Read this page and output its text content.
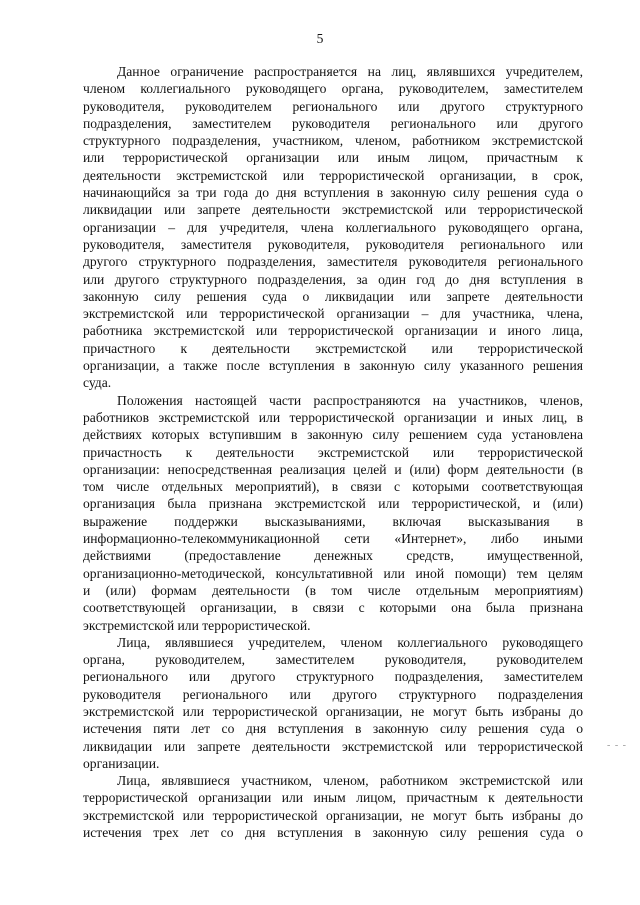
5
Данное ограничение распространяется на лиц, являвшихся учредителем,
членом коллегиального руководящего органа, руководителем, заместителем
руководителя, руководителем регионального или другого структурного
подразделения, заместителем руководителя регионального или другого
структурного подразделения, участником, членом, работником экстремистской
или террористической организации или иным лицом, причастным к
деятельности экстремистской или террористической организации, в срок,
начинающийся за три года до дня вступления в законную силу решения суда о
ликвидации или запрете деятельности экстремистской или террористической
организации – для учредителя, члена коллегиального руководящего органа,
руководителя, заместителя руководителя, руководителя регионального или
другого структурного подразделения, заместителя руководителя регионального
или другого структурного подразделения, за один год до дня вступления в
законную силу решения суда о ликвидации или запрете деятельности
экстремистской или террористической организации – для участника, члена,
работника экстремистской или террористической организации и иного лица,
причастного к деятельности экстремистской или террористической
организации, а также после вступления в законную силу указанного решения
суда.
Положения настоящей части распространяются на участников, членов,
работников экстремистской или террористической организации и иных лиц, в
действиях которых вступившим в законную силу решением суда установлена
причастность к деятельности экстремистской или террористической
организации: непосредственная реализация целей и (или) форм деятельности (в
том числе отдельных мероприятий), в связи с которыми соответствующая
организация была признана экстремистской или террористической, и (или)
выражение поддержки высказываниями, включая высказывания в
информационно-телекоммуникационной сети «Интернет», либо иными
действиями (предоставление денежных средств, имущественной,
организационно-методической, консультативной или иной помощи) тем целям
и (или) формам деятельности (в том числе отдельным мероприятиям)
соответствующей организации, в связи с которыми она была признана
экстремистской или террористической.
Лица, являвшиеся учредителем, членом коллегиального руководящего
органа, руководителем, заместителем руководителя, руководителем
регионального или другого структурного подразделения, заместителем
руководителя регионального или другого структурного подразделения
экстремистской или террористической организации, не могут быть избраны до
истечения пяти лет со дня вступления в законную силу решения суда о
ликвидации или запрете деятельности экстремистской или террористической
организации.
Лица, являвшиеся участником, членом, работником экстремистской или
террористической организации или иным лицом, причастным к деятельности
экстремистской или террористической организации, не могут быть избраны до
истечения трех лет со дня вступления в законную силу решения суда о
- - -
